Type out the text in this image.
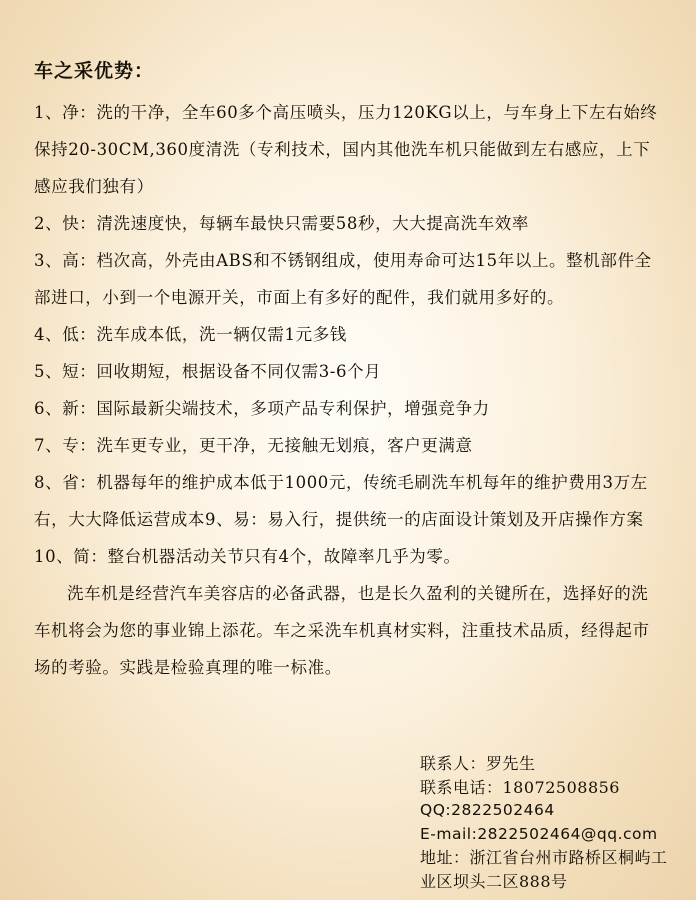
车之采优势：

1、净：洗的干净，全车60多个高压喷头，压力120KG以上，与车身上下左右始终保持20-30CM,360度清洗（专利技术，国内其他洗车机只能做到左右感应，上下感应我们独有）

2、快：清洗速度快，每辆车最快只需要58秒，大大提高洗车效率

3、高：档次高，外壳由ABS和不锈钢组成，使用寿命可达15年以上。整机部件全部进口，小到一个电源开关，市面上有多好的配件，我们就用多好的。

4、低：洗车成本低，洗一辆仅需1元多钱

5、短：回收期短，根据设备不同仅需3-6个月

6、新：国际最新尖端技术，多项产品专利保护，增强竞争力

7、专：洗车更专业，更干净，无接触无划痕，客户更满意

8、省：机器每年的维护成本低于1000元，传统毛刷洗车机每年的维护费用3万左右，大大降低运营成本9、易：易入行，提供统一的店面设计策划及开店操作方案10、简：整台机器活动关节只有4个，故障率几乎为零。

洗车机是经营汽车美容店的必备武器，也是长久盈利的关键所在，选择好的洗车机将会为您的事业锦上添花。车之采洗车机真材实料，注重技术品质，经得起市场的考验。实践是检验真理的唯一标准。

联系人：罗先生
联系电话：18072508856
QQ:2822502464
E-mail:2822502464@qq.com
地址：浙江省台州市路桥区桐屿工业区坝头二区888号
